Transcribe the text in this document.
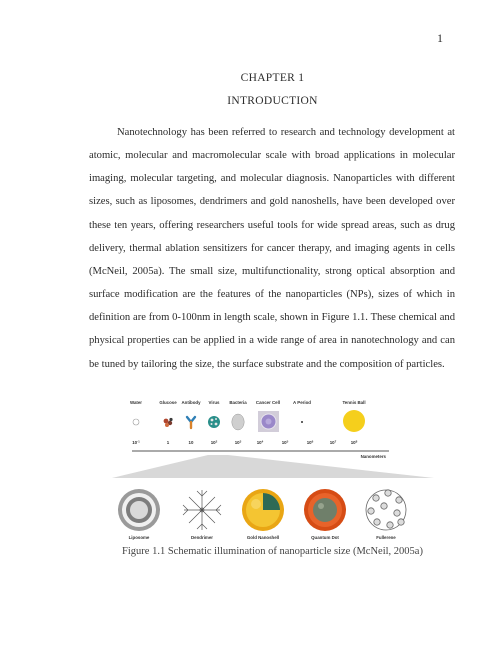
1
CHAPTER 1
INTRODUCTION

Nanotechnology has been referred to research and technology development at atomic, molecular and macromolecular scale with broad applications in molecular imaging, molecular targeting, and molecular diagnosis. Nanoparticles with different sizes, such as liposomes, dendrimers and gold nanoshells, have been developed over these ten years, offering researchers useful tools for wide spread areas, such as drug delivery, thermal ablation sensitizers for cancer therapy, and imaging agents in cells (McNeil, 2005a). The small size, multifunctionality, strong optical absorption and surface modification are the features of the nanoparticles (NPs), sizes of which in definition are from 0-100nm in length scale, shown in Figure 1.1. These chemical and physical properties can be applied in a wide range of area in nanotechnology and can be tuned by tailoring the size, the surface substrate and the composition of particles.

Water	Glucose Antibody Virus Bacteria Cancer Cell	A Period	Tennis Ball
$10^{-1}$	1	10	$10^2$	$10^3$	$10^4$	$10^5$	$10^6$	$10^7$	$10^8$
Nanometers
Liposome	Dendrimer	Gold Nanoshell	Quantum Dot	Fullerene
Figure 1.1 Schematic illumination of nanoparticle size (McNeil, 2005a)
